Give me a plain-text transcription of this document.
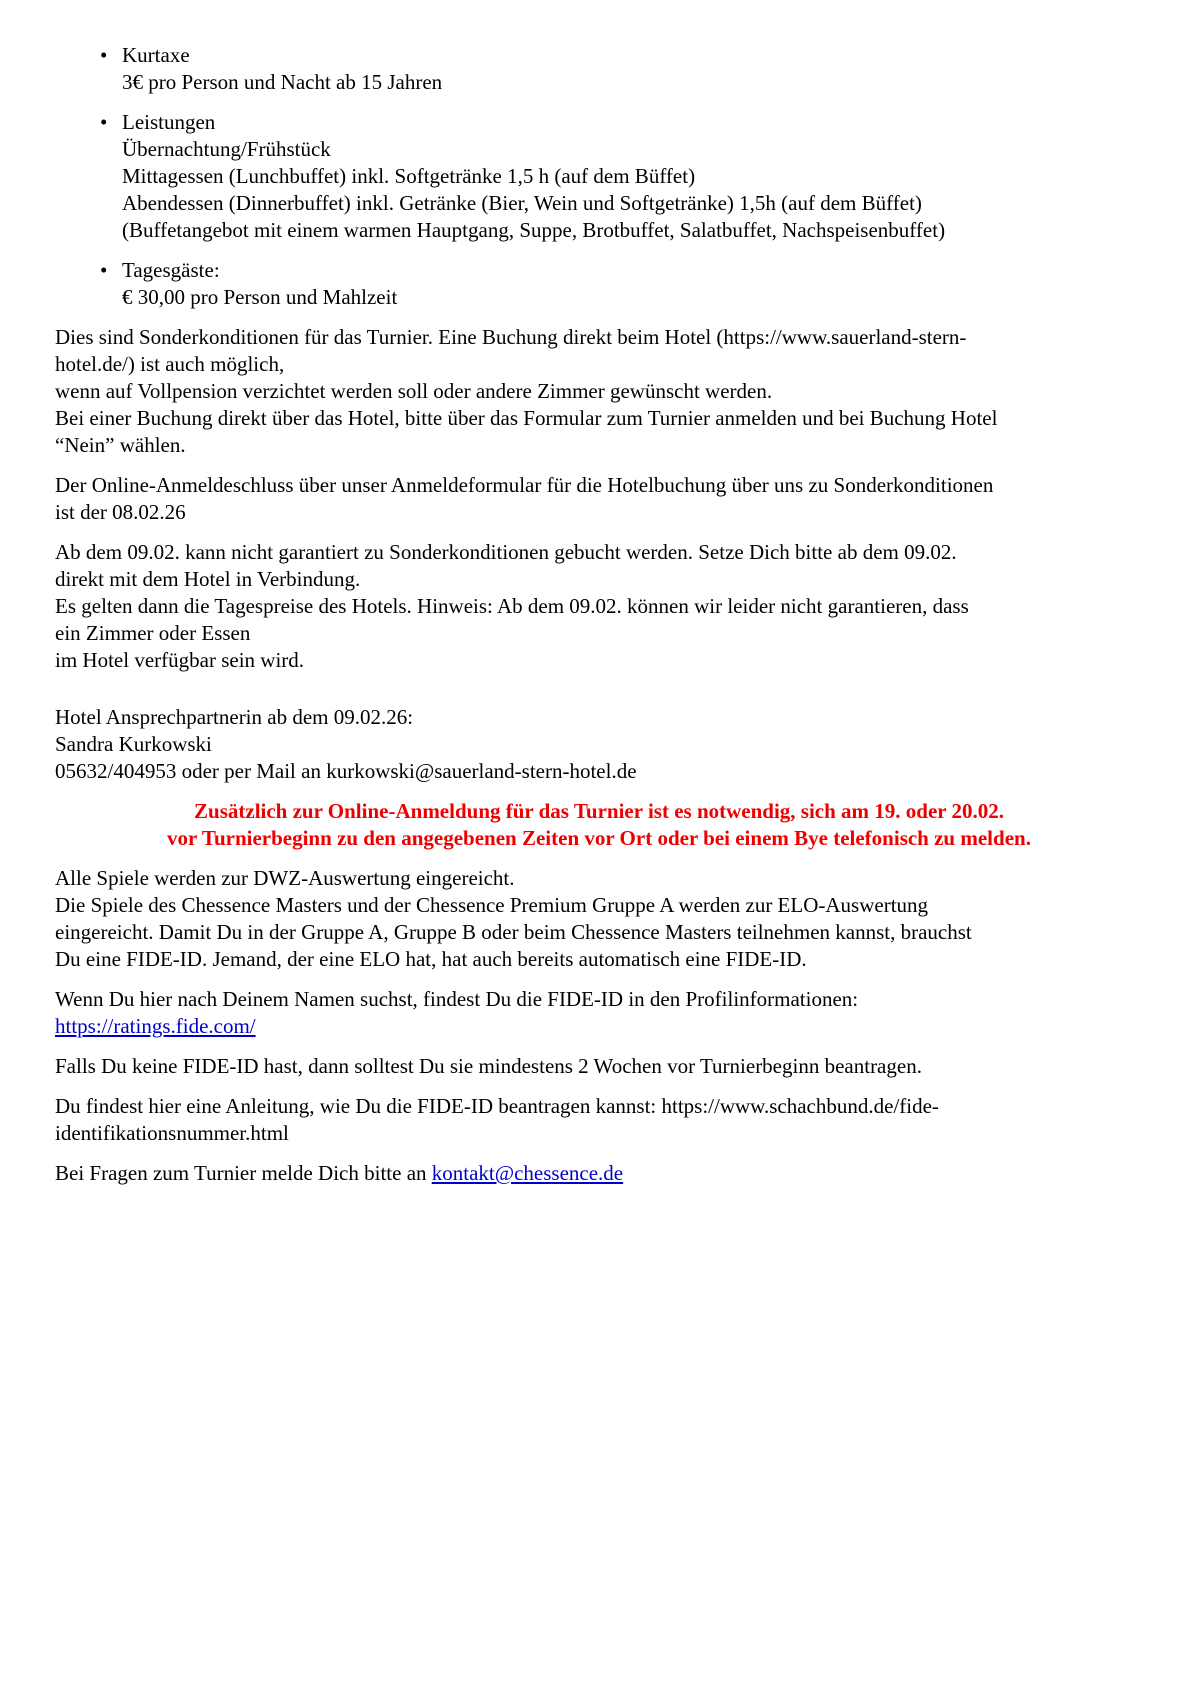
• Kurtaxe
3€ pro Person und Nacht ab 15 Jahren
• Leistungen
Übernachtung/Frühstück
Mittagessen (Lunchbuffet) inkl. Softgetränke 1,5 h (auf dem Büffet)
Abendessen (Dinnerbuffet) inkl. Getränke (Bier, Wein und Softgetränke) 1,5h (auf dem Büffet)
(Buffetangebot mit einem warmen Hauptgang, Suppe, Brotbuffet, Salatbuffet, Nachspeisenbuffet)
• Tagesgäste:
€ 30,00 pro Person und Mahlzeit
Dies sind Sonderkonditionen für das Turnier. Eine Buchung direkt beim Hotel (https://www.sauerland-stern-
hotel.de/) ist auch möglich,
wenn auf Vollpension verzichtet werden soll oder andere Zimmer gewünscht werden.
Bei einer Buchung direkt über das Hotel, bitte über das Formular zum Turnier anmelden und bei Buchung Hotel
“Nein” wählen.
Der Online-Anmeldeschluss über unser Anmeldeformular für die Hotelbuchung über uns zu Sonderkonditionen
ist der 08.02.26
Ab dem 09.02. kann nicht garantiert zu Sonderkonditionen gebucht werden. Setze Dich bitte ab dem 09.02.
direkt mit dem Hotel in Verbindung.
Es gelten dann die Tagespreise des Hotels. Hinweis: Ab dem 09.02. können wir leider nicht garantieren, dass
ein Zimmer oder Essen
im Hotel verfügbar sein wird.
Hotel Ansprechpartnerin ab dem 09.02.26:
Sandra Kurkowski
05632/404953 oder per Mail an kurkowski@sauerland-stern-hotel.de
Zusätzlich zur Online-Anmeldung für das Turnier ist es notwendig, sich am 19. oder 20.02.
vor Turnierbeginn zu den angegebenen Zeiten vor Ort oder bei einem Bye telefonisch zu melden.
Alle Spiele werden zur DWZ-Auswertung eingereicht.
Die Spiele des Chessence Masters und der Chessence Premium Gruppe A werden zur ELO-Auswertung
eingereicht. Damit Du in der Gruppe A, Gruppe B oder beim Chessence Masters teilnehmen kannst, brauchst
Du eine FIDE-ID. Jemand, der eine ELO hat, hat auch bereits automatisch eine FIDE-ID.
Wenn Du hier nach Deinem Namen suchst, findest Du die FIDE-ID in den Profilinformationen:
https://ratings.fide.com/
Falls Du keine FIDE-ID hast, dann solltest Du sie mindestens 2 Wochen vor Turnierbeginn beantragen.
Du findest hier eine Anleitung, wie Du die FIDE-ID beantragen kannst: https://www.schachbund.de/fide-
identifikationsnummer.html
Bei Fragen zum Turnier melde Dich bitte an kontakt@chessence.de
